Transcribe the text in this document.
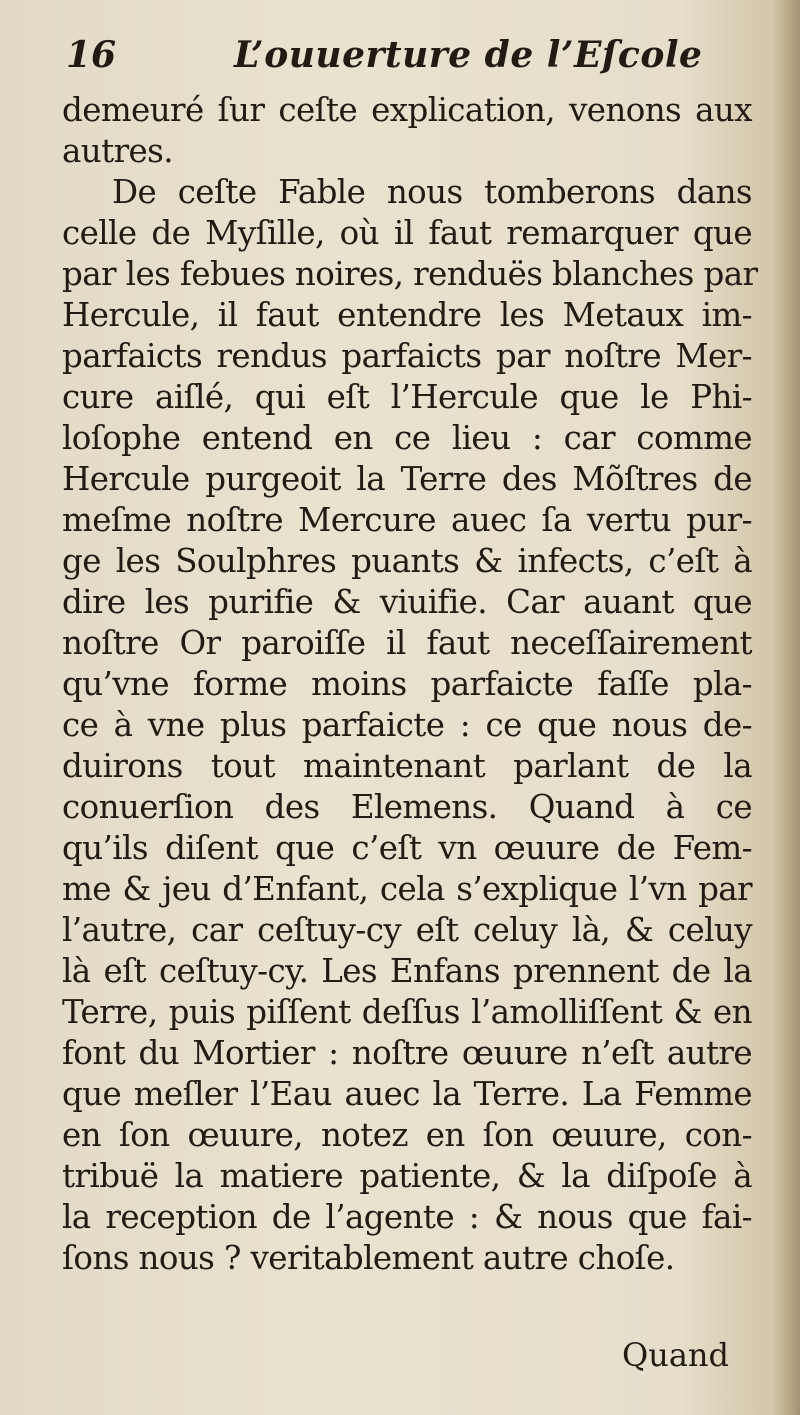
16	L’ouuerture de l’Eſcole
demeuré ſur ceſte explication, venons aux
autres.
De ceſte Fable nous tomberons dans
celle de Myſille, où il faut remarquer que
par les febues noires, renduës blanches par
Hercule, il faut entendre les Metaux im-
parfaicts rendus parfaicts par noſtre Mer-
cure aiſlé, qui eſt l’Hercule que le Phi-
loſophe entend en ce lieu : car comme
Hercule purgeoit la Terre des Mõſtres de
meſme noſtre Mercure auec ſa vertu pur-
ge les Soulphres puants & infects, c’eſt à
dire les purifie & viuifie. Car auant que
noſtre Or paroiſſe il faut neceſſairement
qu’vne forme moins parfaicte faſſe pla-
ce à vne plus parfaicte : ce que nous de-
duirons tout maintenant parlant de la
conuerſion des Elemens. Quand à ce
qu’ils diſent que c’eſt vn œuure de Fem-
me & jeu d’Enfant, cela s’explique l’vn par
l’autre, car ceſtuy-cy eſt celuy là, & celuy
là eſt ceſtuy-cy. Les Enfans prennent de la
Terre, puis piſſent deſſus l’amolliſſent & en
font du Mortier : noſtre œuure n’eſt autre
que meſler l’Eau auec la Terre. La Femme
en ſon œuure, notez en ſon œuure, con-
tribuë la matiere patiente, & la diſpoſe à
la reception de l’agente : & nous que fai-
ſons nous ? veritablement autre choſe.
Quand
